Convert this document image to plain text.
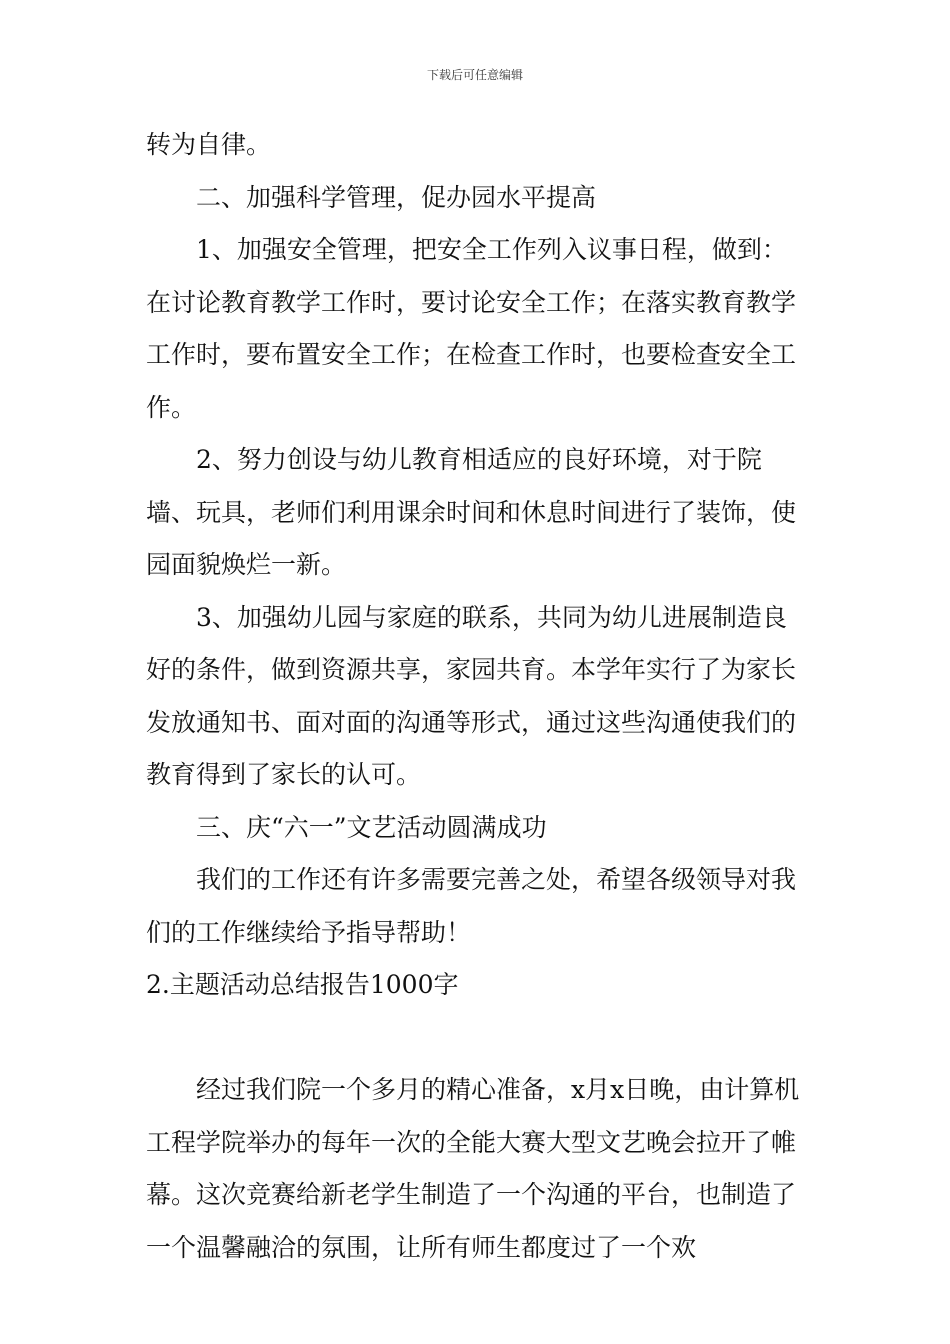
下载后可任意编辑

转为自律。

二、加强科学管理，促办园水平提高

1、加强安全管理，把安全工作列入议事日程，做到：在讨论教育教学工作时，要讨论安全工作；在落实教育教学工作时，要布置安全工作；在检查工作时，也要检查安全工作。

2、努力创设与幼儿教育相适应的良好环境，对于院墙、玩具，老师们利用课余时间和休息时间进行了装饰，使园面貌焕烂一新。

3、加强幼儿园与家庭的联系，共同为幼儿进展制造良好的条件，做到资源共享，家园共育。本学年实行了为家长发放通知书、面对面的沟通等形式，通过这些沟通使我们的教育得到了家长的认可。

三、庆“六一”文艺活动圆满成功

我们的工作还有许多需要完善之处，希望各级领导对我们的工作继续给予指导帮助！

2.主题活动总结报告1000字

经过我们院一个多月的精心准备，x月x日晚，由计算机工程学院举办的每年一次的全能大赛大型文艺晚会拉开了帷幕。这次竞赛给新老学生制造了一个沟通的平台，也制造了一个温馨融洽的氛围，让所有师生都度过了一个欢
